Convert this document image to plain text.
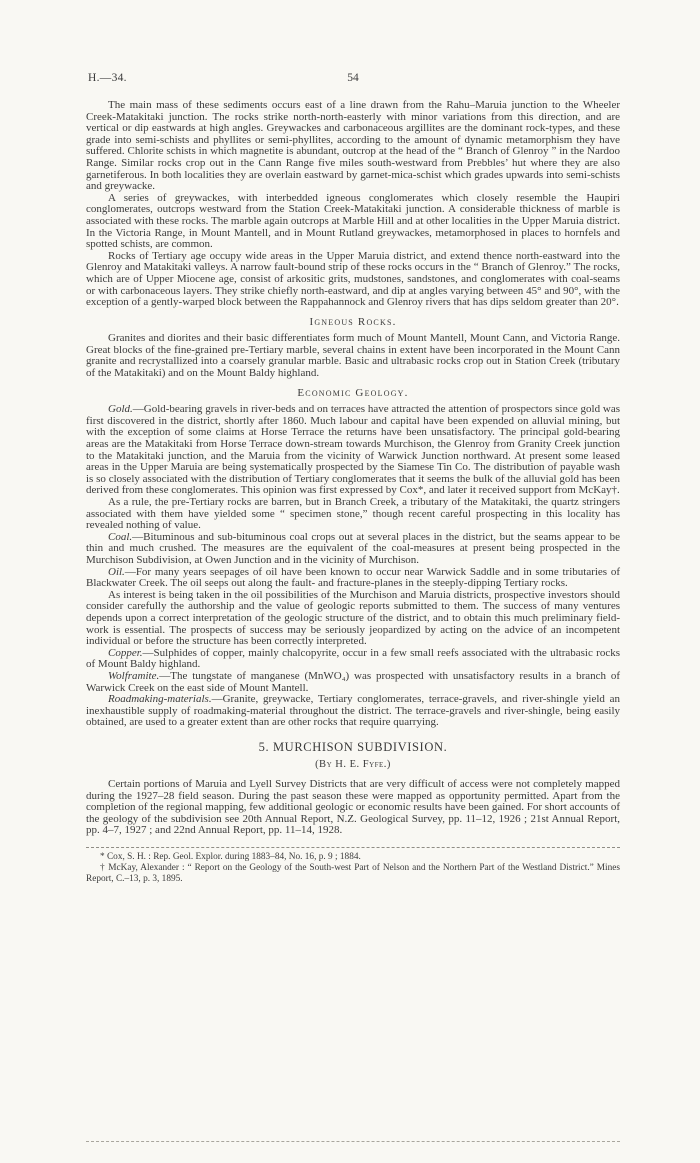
H.—34.	54

The main mass of these sediments occurs east of a line drawn from the Rahu–Maruia junction to the Wheeler Creek-Matakitaki junction. The rocks strike north-north-easterly with minor variations from this direction, and are vertical or dip eastwards at high angles. Greywackes and carbonaceous argillites are the dominant rock-types, and these grade into semi-schists and phyllites or semi-phyllites, according to the amount of dynamic metamorphism they have suffered. Chlorite schists in which magnetite is abundant, outcrop at the head of the “ Branch of Glenroy ” in the Nardoo Range. Similar rocks crop out in the Cann Range five miles south-westward from Prebbles’ hut where they are also garnetiferous. In both localities they are overlain eastward by garnet-mica-schist which grades upwards into semi-schists and greywacke.

A series of greywackes, with interbedded igneous conglomerates which closely resemble the Haupiri conglomerates, outcrops westward from the Station Creek-Matakitaki junction. A considerable thickness of marble is associated with these rocks. The marble again outcrops at Marble Hill and at other localities in the Upper Maruia district. In the Victoria Range, in Mount Mantell, and in Mount Rutland greywackes, metamorphosed in places to hornfels and spotted schists, are common.

Rocks of Tertiary age occupy wide areas in the Upper Maruia district, and extend thence north-eastward into the Glenroy and Matakitaki valleys. A narrow fault-bound strip of these rocks occurs in the “ Branch of Glenroy.” The rocks, which are of Upper Miocene age, consist of arkositic grits, mudstones, sandstones, and conglomerates with coal-seams or with carbonaceous layers. They strike chiefly north-eastward, and dip at angles varying between 45° and 90°, with the exception of a gently-warped block between the Rappahannock and Glenroy rivers that has dips seldom greater than 20°.

Igneous Rocks.

Granites and diorites and their basic differentiates form much of Mount Mantell, Mount Cann, and Victoria Range. Great blocks of the fine-grained pre-Tertiary marble, several chains in extent have been incorporated in the Mount Cann granite and recrystallized into a coarsely granular marble. Basic and ultrabasic rocks crop out in Station Creek (tributary of the Matakitaki) and on the Mount Baldy highland.

Economic Geology.

Gold.—Gold-bearing gravels in river-beds and on terraces have attracted the attention of prospectors since gold was first discovered in the district, shortly after 1860. Much labour and capital have been expended on alluvial mining, but with the exception of some claims at Horse Terrace the returns have been unsatisfactory. The principal gold-bearing areas are the Matakitaki from Horse Terrace down-stream towards Murchison, the Glenroy from Granity Creek junction to the Matakitaki junction, and the Maruia from the vicinity of Warwick Junction northward. At present some leased areas in the Upper Maruia are being systematically prospected by the Siamese Tin Co. The distribution of payable wash is so closely associated with the distribution of Tertiary conglomerates that it seems the bulk of the alluvial gold has been derived from these conglomerates. This opinion was first expressed by Cox*, and later it received support from McKay†.

As a rule, the pre-Tertiary rocks are barren, but in Branch Creek, a tributary of the Matakitaki, the quartz stringers associated with them have yielded some “ specimen stone,” though recent careful prospecting in this locality has revealed nothing of value.

Coal.—Bituminous and sub-bituminous coal crops out at several places in the district, but the seams appear to be thin and much crushed. The measures are the equivalent of the coal-measures at present being prospected in the Murchison Subdivision, at Owen Junction and in the vicinity of Murchison.

Oil.—For many years seepages of oil have been known to occur near Warwick Saddle and in some tributaries of Blackwater Creek. The oil seeps out along the fault- and fracture-planes in the steeply-dipping Tertiary rocks.

As interest is being taken in the oil possibilities of the Murchison and Maruia districts, prospective investors should consider carefully the authorship and the value of geologic reports submitted to them. The success of many ventures depends upon a correct interpretation of the geologic structure of the district, and to obtain this much preliminary field-work is essential. The prospects of success may be seriously jeopardized by acting on the advice of an incompetent individual or before the structure has been correctly interpreted.

Copper.—Sulphides of copper, mainly chalcopyrite, occur in a few small reefs associated with the ultrabasic rocks of Mount Baldy highland.

Wolframite.—The tungstate of manganese (MnWO₄) was prospected with unsatisfactory results in a branch of Warwick Creek on the east side of Mount Mantell.

Roadmaking-materials.—Granite, greywacke, Tertiary conglomerates, terrace-gravels, and river-shingle yield an inexhaustible supply of roadmaking-material throughout the district. The terrace-gravels and river-shingle, being easily obtained, are used to a greater extent than are other rocks that require quarrying.

5. MURCHISON SUBDIVISION.

(By H. E. Fyfe.)

Certain portions of Maruia and Lyell Survey Districts that are very difficult of access were not completely mapped during the 1927–28 field season. During the past season these were mapped as opportunity permitted. Apart from the completion of the regional mapping, few additional geologic or economic results have been gained. For short accounts of the geology of the subdivision see 20th Annual Report, N.Z. Geological Survey, pp. 11–12, 1926 ; 21st Annual Report, pp. 4–7, 1927 ; and 22nd Annual Report, pp. 11–14, 1928.

* Cox, S. H. : Rep. Geol. Explor. during 1883–84, No. 16, p. 9 ; 1884.

† McKay, Alexander : “ Report on the Geology of the South-west Part of Nelson and the Northern Part of the Westland District.” Mines Report, C.–13, p. 3, 1895.
